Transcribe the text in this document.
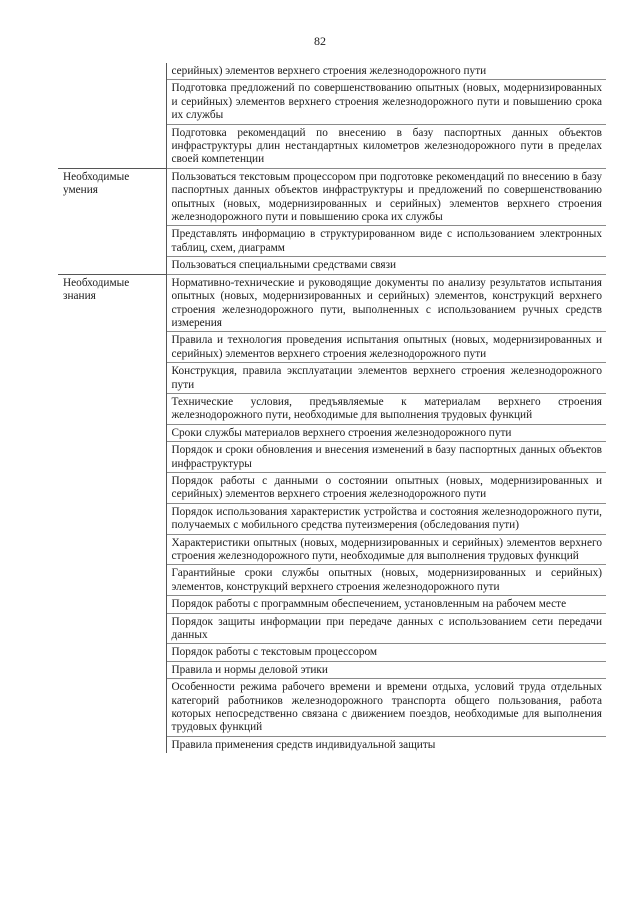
82
	серийных) элементов верхнего строения железнодорожного пути
	Подготовка предложений по совершенствованию опытных (новых, модернизированных и серийных) элементов верхнего строения железнодорожного пути и повышению срока их службы
	Подготовка рекомендаций по внесению в базу паспортных данных объектов инфраструктуры длин нестандартных километров железнодорожного пути в пределах своей компетенции
Необходимые умения	Пользоваться текстовым процессором при подготовке рекомендаций по внесению в базу паспортных данных объектов инфраструктуры и предложений по совершенствованию опытных (новых, модернизированных и серийных) элементов верхнего строения железнодорожного пути и повышению срока их службы
	Представлять информацию в структурированном виде с использованием электронных таблиц, схем, диаграмм
	Пользоваться специальными средствами связи
Необходимые знания	Нормативно-технические и руководящие документы по анализу результатов испытания опытных (новых, модернизированных и серийных) элементов, конструкций верхнего строения железнодорожного пути, выполненных с использованием ручных средств измерения
	Правила и технология проведения испытания опытных (новых, модернизированных и серийных) элементов верхнего строения железнодорожного пути
	Конструкция, правила эксплуатации элементов верхнего строения железнодорожного пути
	Технические условия, предъявляемые к материалам верхнего строения железнодорожного пути, необходимые для выполнения трудовых функций
	Сроки службы материалов верхнего строения железнодорожного пути
	Порядок и сроки обновления и внесения изменений в базу паспортных данных объектов инфраструктуры
	Порядок работы с данными о состоянии опытных (новых, модернизированных и серийных) элементов верхнего строения железнодорожного пути
	Порядок использования характеристик устройства и состояния железнодорожного пути, получаемых с мобильного средства путеизмерения (обследования пути)
	Характеристики опытных (новых, модернизированных и серийных) элементов верхнего строения железнодорожного пути, необходимые для выполнения трудовых функций
	Гарантийные сроки службы опытных (новых, модернизированных и серийных) элементов, конструкций верхнего строения железнодорожного пути
	Порядок работы с программным обеспечением, установленным на рабочем месте
	Порядок защиты информации при передаче данных с использованием сети передачи данных
	Порядок работы с текстовым процессором
	Правила и нормы деловой этики
	Особенности режима рабочего времени и времени отдыха, условий труда отдельных категорий работников железнодорожного транспорта общего пользования, работа которых непосредственно связана с движением поездов, необходимые для выполнения трудовых функций
	Правила применения средств индивидуальной защиты
